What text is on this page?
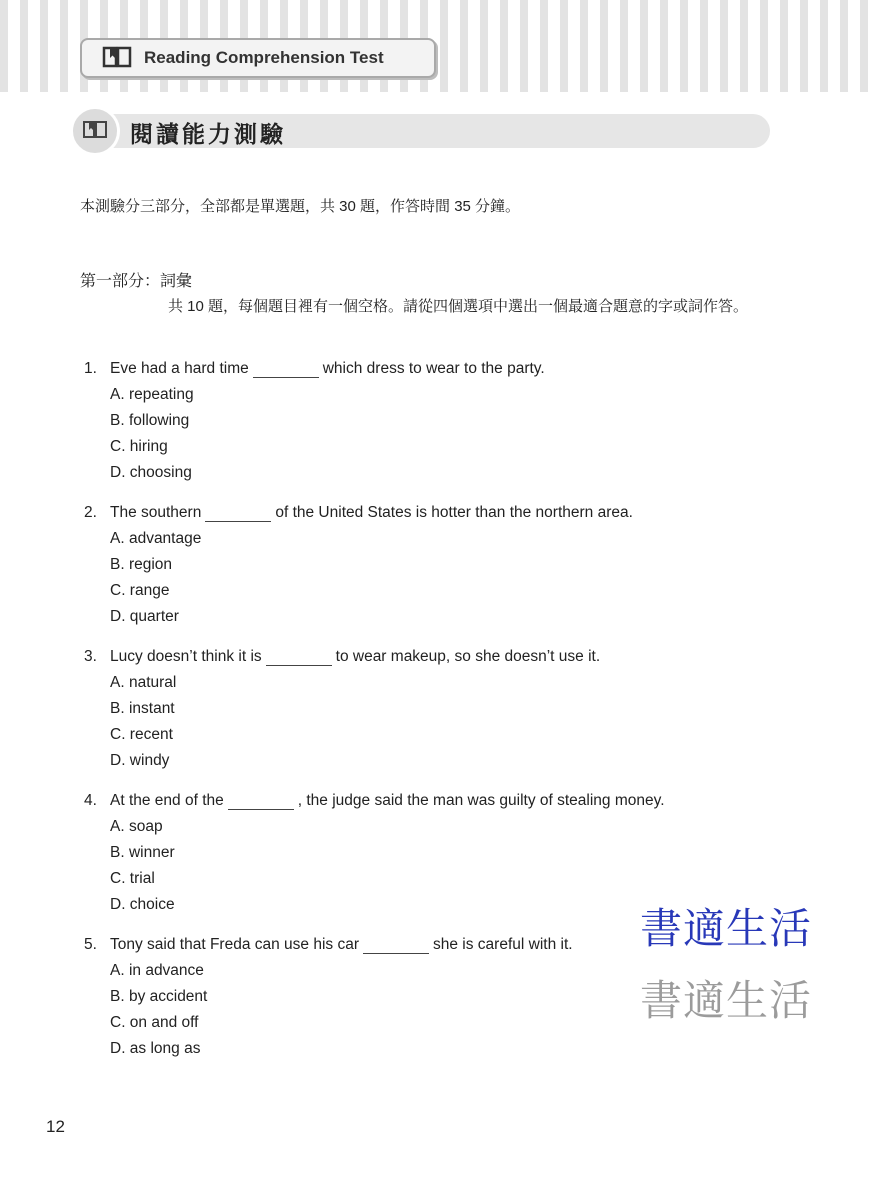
Reading Comprehension Test
閱讀能力測驗
本測驗分三部分，全部都是單選題，共 30 題，作答時間 35 分鐘。
第一部分：詞彙
共 10 題，每個題目裡有一個空格。請從四個選項中選出一個最適合題意的字或詞作答。
1. Eve had a hard time	which dress to wear to the party.
A. repeating
B. following
C. hiring
D. choosing
2. The southern	of the United States is hotter than the northern area.
A. advantage
B. region
C. range
D. quarter
3. Lucy doesn’t think it is	to wear makeup, so she doesn’t use it.
A. natural
B. instant
C. recent
D. windy
4. At the end of the	, the judge said the man was guilty of stealing money.
A. soap
B. winner
C. trial
D. choice
5. Tony said that Freda can use his car	she is careful with it.
A. in advance
B. by accident
C. on and off
D. as long as
書適生活
書適生活
12
